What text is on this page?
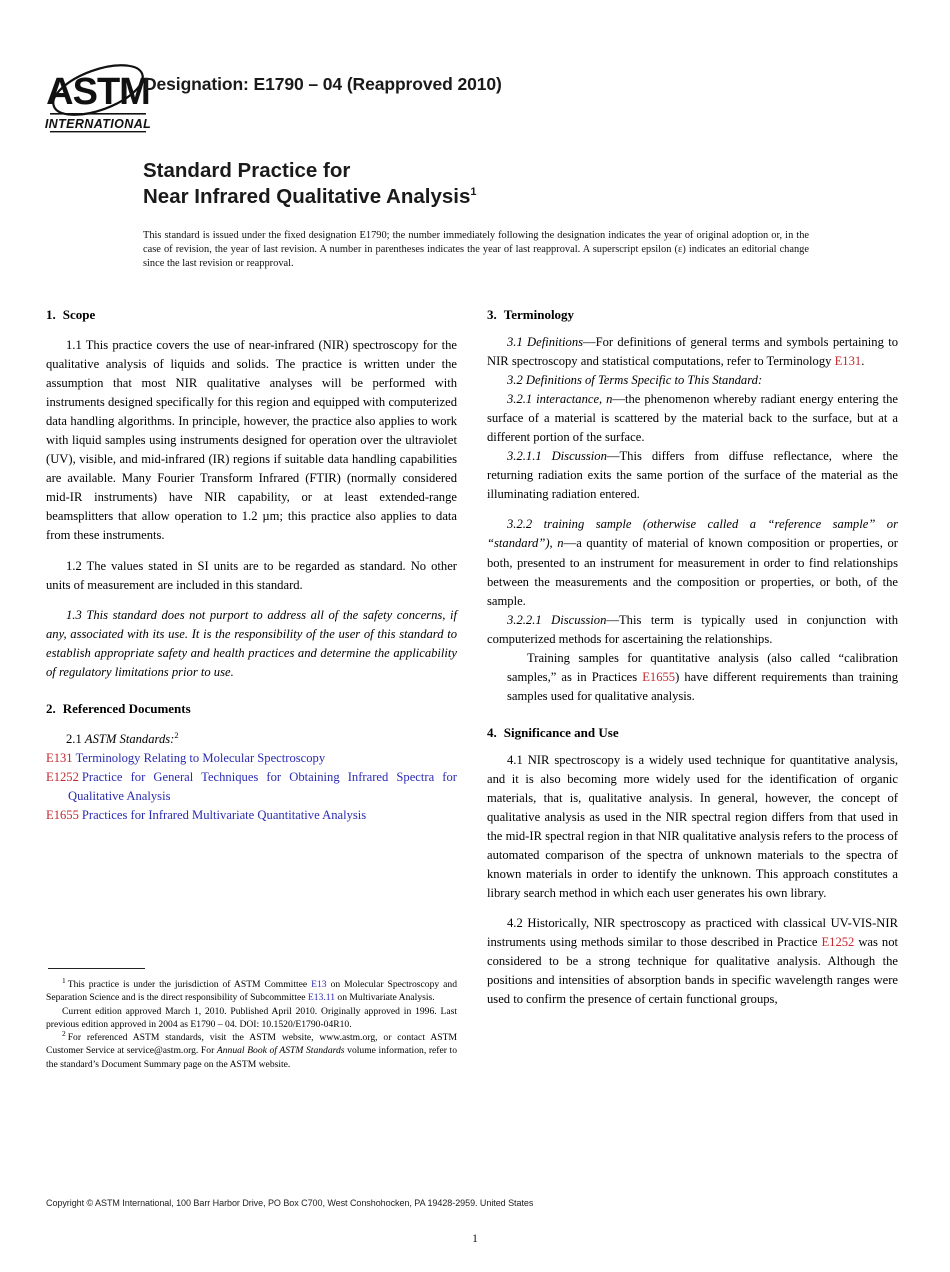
ASTM
INTERNATIONAL
Designation: E1790 – 04 (Reapproved 2010)
Standard Practice for
Near Infrared Qualitative Analysis$^1$
This standard is issued under the fixed designation E1790; the number immediately following the designation indicates the year of original adoption or, in the case of revision, the year of last revision. A number in parentheses indicates the year of last reapproval. A superscript epsilon (ε) indicates an editorial change since the last revision or reapproval.
1. Scope

1.1 This practice covers the use of near-infrared (NIR) spectroscopy for the qualitative analysis of liquids and solids. The practice is written under the assumption that most NIR qualitative analyses will be performed with instruments designed specifically for this region and equipped with computerized data handling algorithms. In principle, however, the practice also applies to work with liquid samples using instruments designed for operation over the ultraviolet (UV), visible, and mid-infrared (IR) regions if suitable data handling capabilities are available. Many Fourier Transform Infrared (FTIR) (normally considered mid-IR instruments) have NIR capability, or at least extended-range beamsplitters that allow operation to 1.2 µm; this practice also applies to data from these instruments.

1.2 The values stated in SI units are to be regarded as standard. No other units of measurement are included in this standard.

1.3 This standard does not purport to address all of the safety concerns, if any, associated with its use. It is the responsibility of the user of this standard to establish appropriate safety and health practices and determine the applicability of regulatory limitations prior to use.

2. Referenced Documents

2.1 ASTM Standards:$^2$

E131 Terminology Relating to Molecular Spectroscopy

E1252 Practice for General Techniques for Obtaining Infrared Spectra for Qualitative Analysis

E1655 Practices for Infrared Multivariate Quantitative Analysis

3. Terminology

3.1 Definitions—For definitions of general terms and symbols pertaining to NIR spectroscopy and statistical computations, refer to Terminology E131.

3.2 Definitions of Terms Specific to This Standard:

3.2.1 interactance, n—the phenomenon whereby radiant energy entering the surface of a material is scattered by the material back to the surface, but at a different portion of the surface.

3.2.1.1 Discussion—This differs from diffuse reflectance, where the returning radiation exits the same portion of the surface of the material as the illuminating radiation entered.

3.2.2 training sample (otherwise called a “reference sample” or “standard”), n—a quantity of material of known composition or properties, or both, presented to an instrument for measurement in order to find relationships between the measurements and the composition or properties, or both, of the sample.

3.2.2.1 Discussion—This term is typically used in conjunction with computerized methods for ascertaining the relationships.

Training samples for quantitative analysis (also called “calibration samples,” as in Practices E1655) have different requirements than training samples used for qualitative analysis.

4. Significance and Use

4.1 NIR spectroscopy is a widely used technique for quantitative analysis, and it is also becoming more widely used for the identification of organic materials, that is, qualitative analysis. In general, however, the concept of qualitative analysis as used in the NIR spectral region differs from that used in the mid-IR spectral region in that NIR qualitative analysis refers to the process of automated comparison of the spectra of unknown materials to the spectra of known materials in order to identify the unknown. This approach constitutes a library search method in which each user generates his own library.

4.2 Historically, NIR spectroscopy as practiced with classical UV-VIS-NIR instruments using methods similar to those described in Practice E1252 was not considered to be a strong technique for qualitative analysis. Although the positions and intensities of absorption bands in specific wavelength ranges were used to confirm the presence of certain functional groups,

$^1$ This practice is under the jurisdiction of ASTM Committee E13 on Molecular Spectroscopy and Separation Science and is the direct responsibility of Subcommittee E13.11 on Multivariate Analysis.

Current edition approved March 1, 2010. Published April 2010. Originally approved in 1996. Last previous edition approved in 2004 as E1790 – 04. DOI: 10.1520/E1790-04R10.

$^2$ For referenced ASTM standards, visit the ASTM website, www.astm.org, or contact ASTM Customer Service at service@astm.org. For Annual Book of ASTM Standards volume information, refer to the standard’s Document Summary page on the ASTM website.

Copyright © ASTM International, 100 Barr Harbor Drive, PO Box C700, West Conshohocken, PA 19428-2959. United States
1
